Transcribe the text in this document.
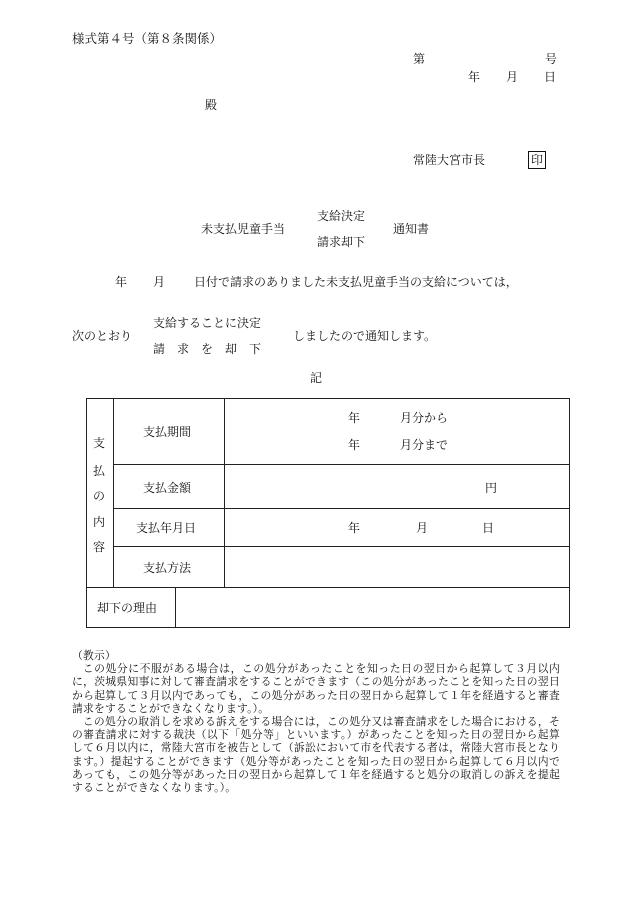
様式第４号（第８条関係）
第	号
年 月 日
殿
常陸大宮市長	印
未支払児童手当
支給決定
請求却下
通知書
年 月 日付で請求のありました未支払児童手当の支給については，
次のとおり
支給することに決定
請　求　を　却　下
しましたので通知します。
記
支
払
の
内
容
支払期間
年	月分から
年	月分まで
支払金額	円
支払年月日	年	月	日
支払方法
却下の理由

（教示）

この処分に不服がある場合は，この処分があったことを知った日の翌日から起算して３月以内に，茨城県知事に対して審査請求をすることができます（この処分があったことを知った日の翌日から起算して３月以内であっても，この処分があった日の翌日から起算して１年を経過すると審査請求をすることができなくなります。）。

この処分の取消しを求める訴えをする場合には，この処分又は審査請求をした場合における，その審査請求に対する裁決（以下「処分等」といいます。）があったことを知った日の翌日から起算して６月以内に，常陸大宮市を被告として（訴訟において市を代表する者は，常陸大宮市長となります。）提起することができます（処分等があったことを知った日の翌日から起算して６月以内であっても，この処分等があった日の翌日から起算して１年を経過すると処分の取消しの訴えを提起することができなくなります。）。
